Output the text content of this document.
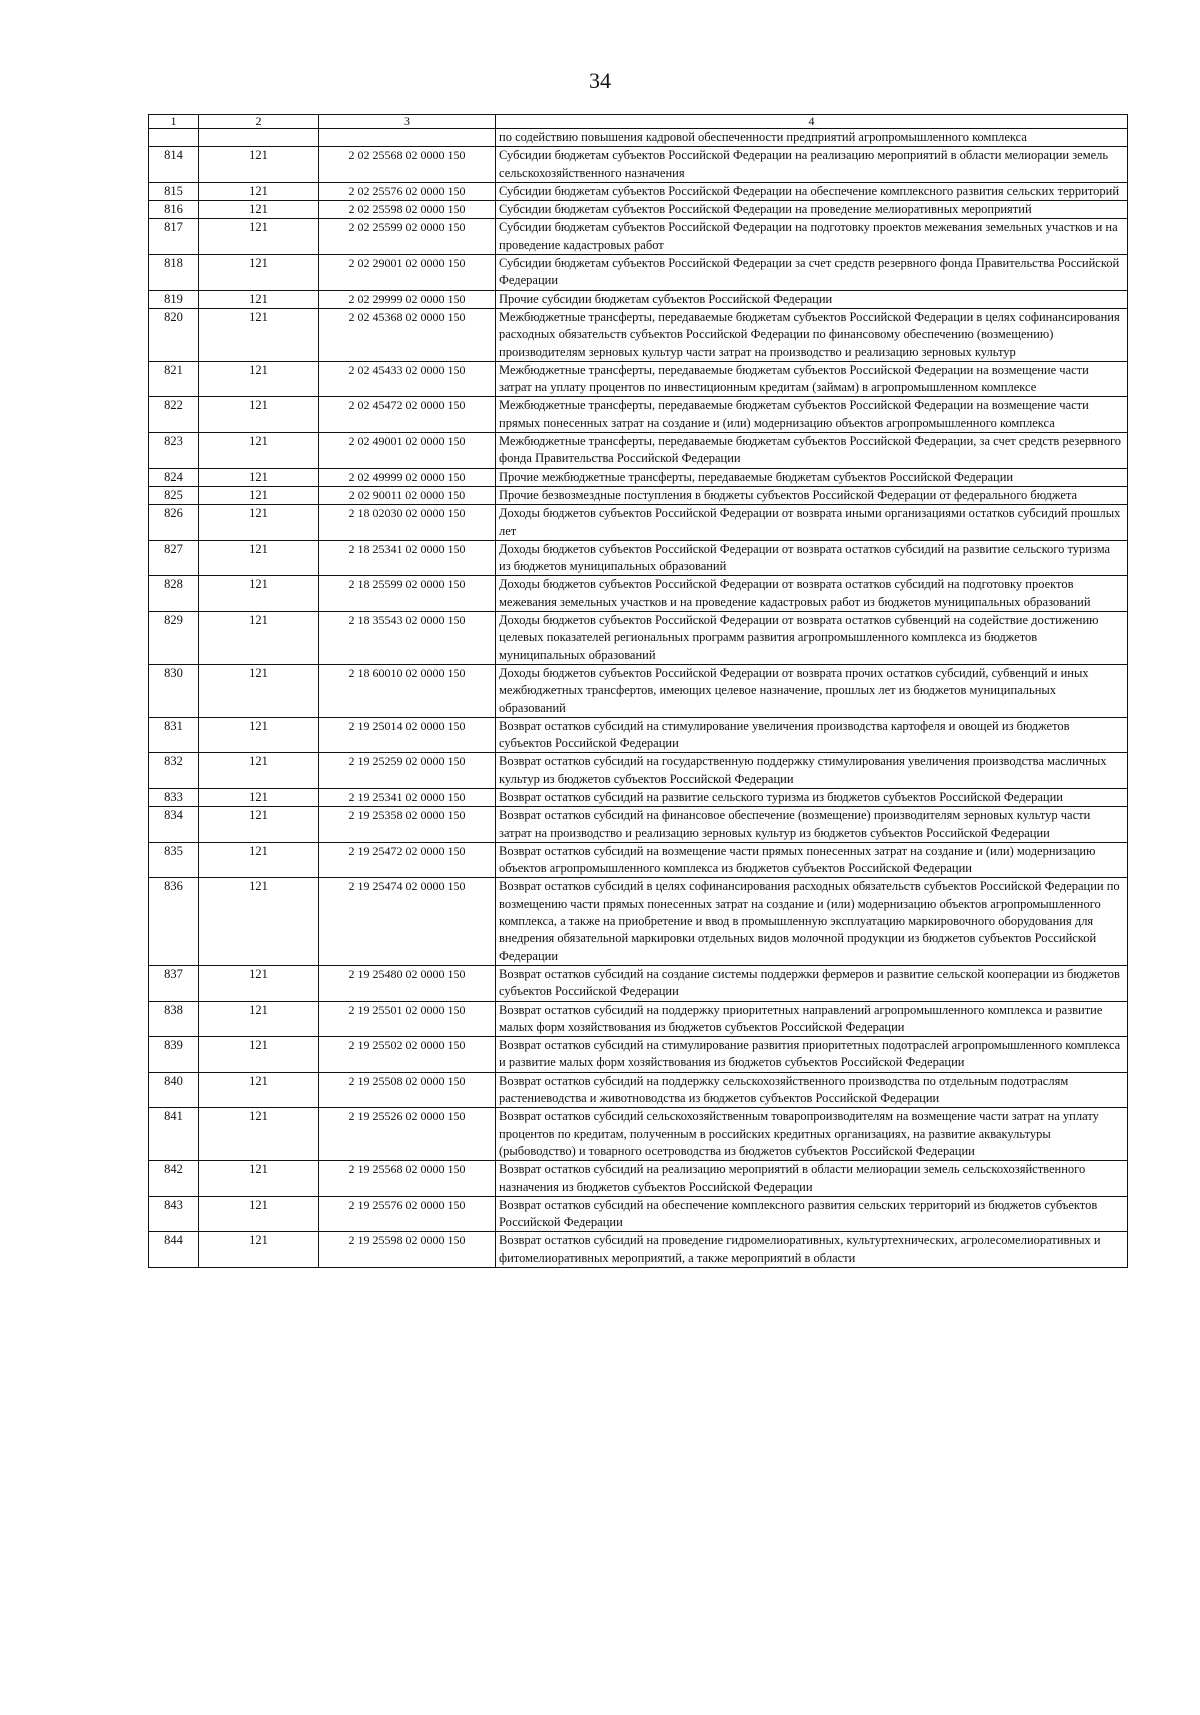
34
1	2	3	4
			по содействию повышения кадровой обеспеченности предприятий агропромышленного комплекса
814	121	2 02 25568 02 0000 150	Субсидии бюджетам субъектов Российской Федерации на реализацию мероприятий в области мелиорации земель сельскохозяйственного назначения
815	121	2 02 25576 02 0000 150	Субсидии бюджетам субъектов Российской Федерации на обеспечение комплексного развития сельских территорий
816	121	2 02 25598 02 0000 150	Субсидии бюджетам субъектов Российской Федерации на проведение мелиоративных мероприятий
817	121	2 02 25599 02 0000 150	Субсидии бюджетам субъектов Российской Федерации на подготовку проектов межевания земельных участков и на проведение кадастровых работ
818	121	2 02 29001 02 0000 150	Субсидии бюджетам субъектов Российской Федерации за счет средств резервного фонда Правительства Российской Федерации
819	121	2 02 29999 02 0000 150	Прочие субсидии бюджетам субъектов Российской Федерации
820	121	2 02 45368 02 0000 150	Межбюджетные трансферты, передаваемые бюджетам субъектов Российской Федерации в целях софинансирования расходных обязательств субъектов Российской Федерации по финансовому обеспечению (возмещению) производителям зерновых культур части затрат на производство и реализацию зерновых культур
821	121	2 02 45433 02 0000 150	Межбюджетные трансферты, передаваемые бюджетам субъектов Российской Федерации на возмещение части затрат на уплату процентов по инвестиционным кредитам (займам) в агропромышленном комплексе
822	121	2 02 45472 02 0000 150	Межбюджетные трансферты, передаваемые бюджетам субъектов Российской Федерации на возмещение части прямых понесенных затрат на создание и (или) модернизацию объектов агропромышленного комплекса
823	121	2 02 49001 02 0000 150	Межбюджетные трансферты, передаваемые бюджетам субъектов Российской Федерации, за счет средств резервного фонда Правительства Российской Федерации
824	121	2 02 49999 02 0000 150	Прочие межбюджетные трансферты, передаваемые бюджетам субъектов Российской Федерации
825	121	2 02 90011 02 0000 150	Прочие безвозмездные поступления в бюджеты субъектов Российской Федерации от федерального бюджета
826	121	2 18 02030 02 0000 150	Доходы бюджетов субъектов Российской Федерации от возврата иными организациями остатков субсидий прошлых лет
827	121	2 18 25341 02 0000 150	Доходы бюджетов субъектов Российской Федерации от возврата остатков субсидий на развитие сельского туризма из бюджетов муниципальных образований
828	121	2 18 25599 02 0000 150	Доходы бюджетов субъектов Российской Федерации от возврата остатков субсидий на подготовку проектов межевания земельных участков и на проведение кадастровых работ из бюджетов муниципальных образований
829	121	2 18 35543 02 0000 150	Доходы бюджетов субъектов Российской Федерации от возврата остатков субвенций на содействие достижению целевых показателей региональных программ развития агропромышленного комплекса из бюджетов муниципальных образований
830	121	2 18 60010 02 0000 150	Доходы бюджетов субъектов Российской Федерации от возврата прочих остатков субсидий, субвенций и иных межбюджетных трансфертов, имеющих целевое назначение, прошлых лет из бюджетов муниципальных образований
831	121	2 19 25014 02 0000 150	Возврат остатков субсидий на стимулирование увеличения производства картофеля и овощей из бюджетов субъектов Российской Федерации
832	121	2 19 25259 02 0000 150	Возврат остатков субсидий на государственную поддержку стимулирования увеличения производства масличных культур из бюджетов субъектов Российской Федерации
833	121	2 19 25341 02 0000 150	Возврат остатков субсидий на развитие сельского туризма из бюджетов субъектов Российской Федерации
834	121	2 19 25358 02 0000 150	Возврат остатков субсидий на финансовое обеспечение (возмещение) производителям зерновых культур части затрат на производство и реализацию зерновых культур из бюджетов субъектов Российской Федерации
835	121	2 19 25472 02 0000 150	Возврат остатков субсидий на возмещение части прямых понесенных затрат на создание и (или) модернизацию объектов агропромышленного комплекса из бюджетов субъектов Российской Федерации
836	121	2 19 25474 02 0000 150	Возврат остатков субсидий в целях софинансирования расходных обязательств субъектов Российской Федерации по возмещению части прямых понесенных затрат на создание и (или) модернизацию объектов агропромышленного комплекса, а также на приобретение и ввод в промышленную эксплуатацию маркировочного оборудования для внедрения обязательной маркировки отдельных видов молочной продукции из бюджетов субъектов Российской Федерации
837	121	2 19 25480 02 0000 150	Возврат остатков субсидий на создание системы поддержки фермеров и развитие сельской кооперации из бюджетов субъектов Российской Федерации
838	121	2 19 25501 02 0000 150	Возврат остатков субсидий на поддержку приоритетных направлений агропромышленного комплекса и развитие малых форм хозяйствования из бюджетов субъектов Российской Федерации
839	121	2 19 25502 02 0000 150	Возврат остатков субсидий на стимулирование развития приоритетных подотраслей агропромышленного комплекса и развитие малых форм хозяйствования из бюджетов субъектов Российской Федерации
840	121	2 19 25508 02 0000 150	Возврат остатков субсидий на поддержку сельскохозяйственного производства по отдельным подотраслям растениеводства и животноводства из бюджетов субъектов Российской Федерации
841	121	2 19 25526 02 0000 150	Возврат остатков субсидий сельскохозяйственным товаропроизводителям на возмещение части затрат на уплату процентов по кредитам, полученным в российских кредитных организациях, на развитие аквакультуры (рыбоводство) и товарного осетроводства из бюджетов субъектов Российской Федерации
842	121	2 19 25568 02 0000 150	Возврат остатков субсидий на реализацию мероприятий в области мелиорации земель сельскохозяйственного назначения из бюджетов субъектов Российской Федерации
843	121	2 19 25576 02 0000 150	Возврат остатков субсидий на обеспечение комплексного развития сельских территорий из бюджетов субъектов Российской Федерации
844	121	2 19 25598 02 0000 150	Возврат остатков субсидий на проведение гидромелиоративных, культуртехнических, агролесомелиоративных и фитомелиоративных мероприятий, а также мероприятий в области
